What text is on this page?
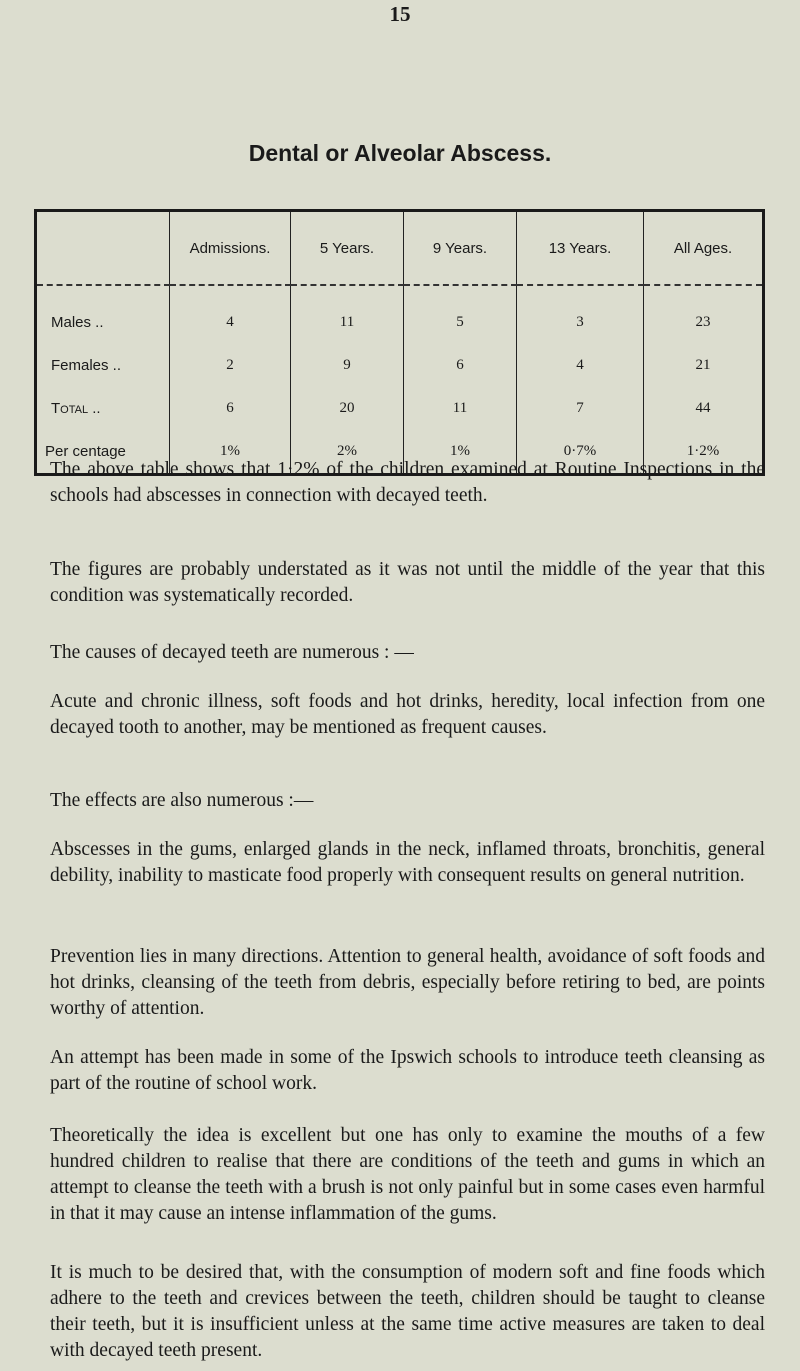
15
Dental or Alveolar Abscess.
	Admissions.	5 Years.	9 Years.	13 Years.	All Ages.
Males ..	4	11	5	3	23
Females ..	2	9	6	4	21
Total ..	6	20	11	7	44
Per centage	1%	2%	1%	0·7%	1·2%

The above table shows that 1·2% of the children examined at Routine Inspections in the schools had abscesses in connection with decayed teeth.

The figures are probably understated as it was not until the middle of the year that this condition was systematically recorded.

The causes of decayed teeth are numerous : —

Acute and chronic illness, soft foods and hot drinks, heredity, local infection from one decayed tooth to another, may be mentioned as frequent causes.

The effects are also numerous :—

Abscesses in the gums, enlarged glands in the neck, inflamed throats, bronchitis, general debility, inability to masticate food properly with consequent results on general nutrition.

Prevention lies in many directions. Attention to general health, avoidance of soft foods and hot drinks, cleansing of the teeth from debris, especially before retiring to bed, are points worthy of attention.

An attempt has been made in some of the Ipswich schools to introduce teeth cleansing as part of the routine of school work.

Theoretically the idea is excellent but one has only to examine the mouths of a few hundred children to realise that there are conditions of the teeth and gums in which an attempt to cleanse the teeth with a brush is not only painful but in some cases even harmful in that it may cause an intense inflammation of the gums.

It is much to be desired that, with the consumption of modern soft and fine foods which adhere to the teeth and crevices between the teeth, children should be taught to cleanse their teeth, but it is insufficient unless at the same time active measures are taken to deal with decayed teeth present.
